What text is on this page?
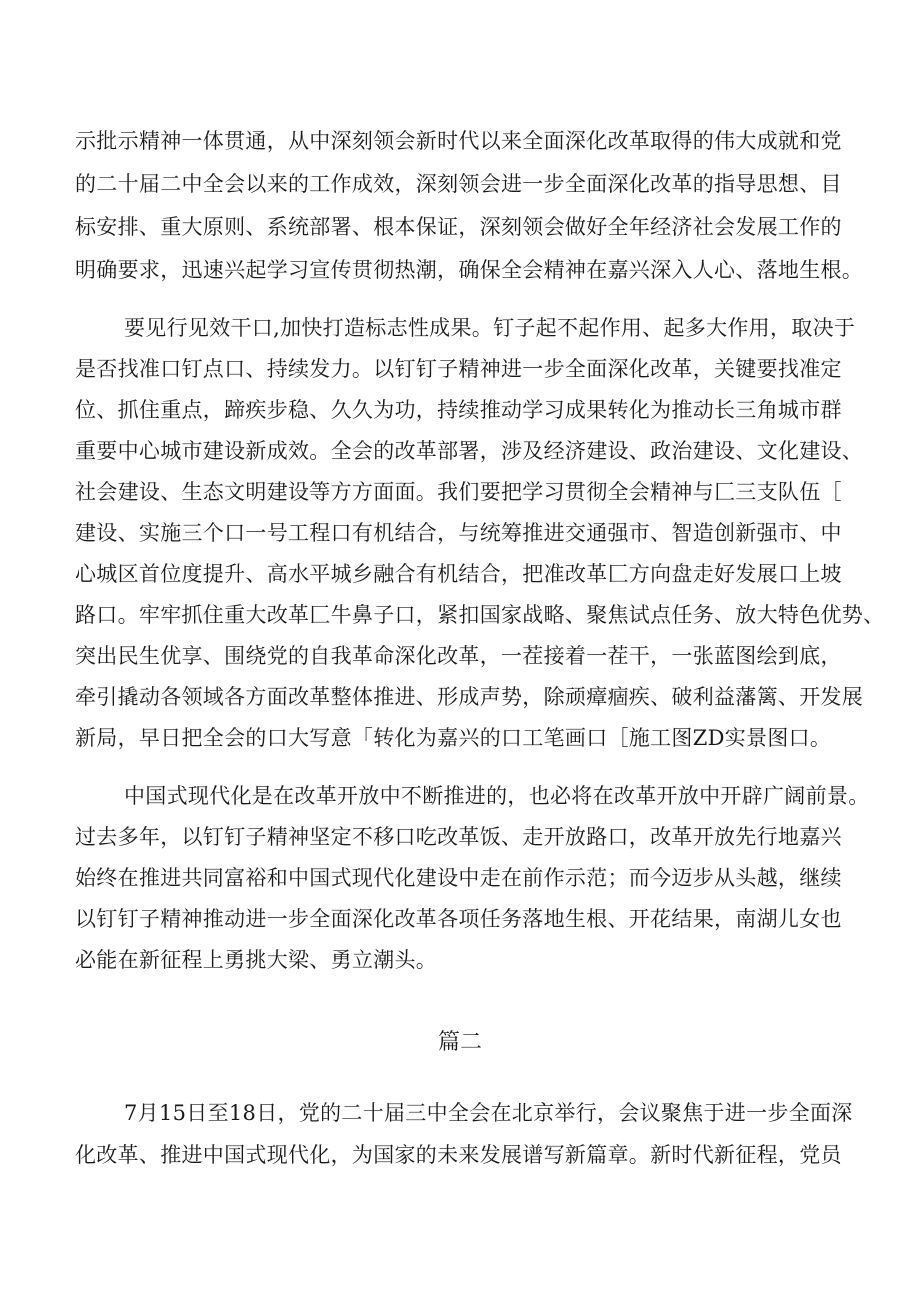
示批示精神一体贯通，从中深刻领会新时代以来全面深化改革取得的伟大成就和党
的二十届二中全会以来的工作成效，深刻领会进一步全面深化改革的指导思想、目
标安排、重大原则、系统部署、根本保证，深刻领会做好全年经济社会发展工作的
明确要求，迅速兴起学习宣传贯彻热潮，确保全会精神在嘉兴深入人心、落地生根。
要见行见效干口,加快打造标志性成果。钉子起不起作用、起多大作用，取决于
是否找准口钉点口、持续发力。以钉钉子精神进一步全面深化改革，关键要找准定
位、抓住重点，蹄疾步稳、久久为功，持续推动学习成果转化为推动长三角城市群
重要中心城市建设新成效。全会的改革部署，涉及经济建设、政治建设、文化建设、
社会建设、生态文明建设等方方面面。我们要把学习贯彻全会精神与匚三支队伍［
建设、实施三个口一号工程口有机结合，与统筹推进交通强市、智造创新强市、中
心城区首位度提升、高水平城乡融合有机结合，把准改革匚方向盘走好发展口上坡
路口。牢牢抓住重大改革匚牛鼻子口，紧扣国家战略、聚焦试点任务、放大特色优势、
突出民生优享、围绕党的自我革命深化改革，一茬接着一茬干，一张蓝图绘到底，
牵引撬动各领域各方面改革整体推进、形成声势，除顽瘴痼疾、破利益藩篱、开发展
新局，早日把全会的口大写意「转化为嘉兴的口工笔画口［施工图ZD实景图口。
中国式现代化是在改革开放中不断推进的，也必将在改革开放中开辟广阔前景。
过去多年，以钉钉子精神坚定不移口吃改革饭、走开放路口，改革开放先行地嘉兴
始终在推进共同富裕和中国式现代化建设中走在前作示范；而今迈步从头越，继续
以钉钉子精神推动进一步全面深化改革各项任务落地生根、开花结果，南湖儿女也
必能在新征程上勇挑大梁、勇立潮头。
篇二
7月15日至18日，党的二十届三中全会在北京举行，会议聚焦于进一步全面深
化改革、推进中国式现代化，为国家的未来发展谱写新篇章。新时代新征程，党员
